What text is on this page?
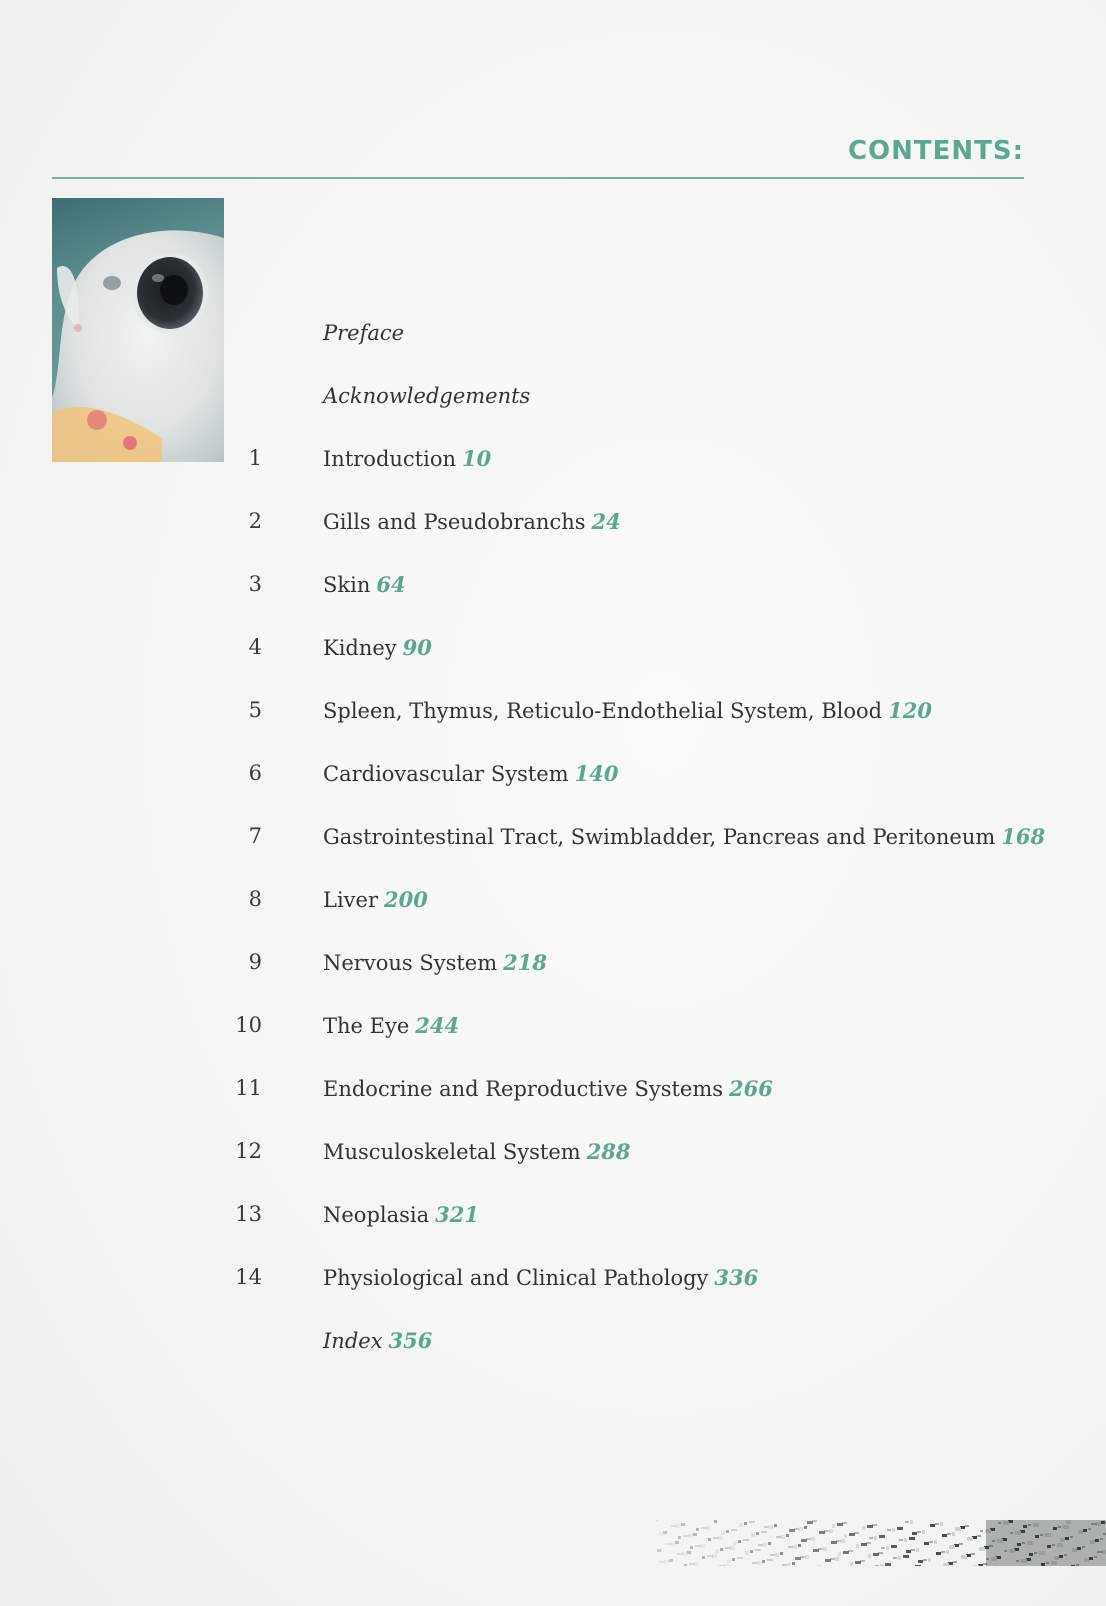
CONTENTS:
Preface
Acknowledgements
1	Introduction 10
2	Gills and Pseudobranchs 24
3	Skin 64
4	Kidney 90
5	Spleen, Thymus, Reticulo-Endothelial System, Blood 120
6	Cardiovascular System 140
7	Gastrointestinal Tract, Swimbladder, Pancreas and Peritoneum 168
8	Liver 200
9	Nervous System 218
10	The Eye 244
11	Endocrine and Reproductive Systems 266
12	Musculoskeletal System 288
13	Neoplasia 321
14	Physiological and Clinical Pathology 336
Index 356
